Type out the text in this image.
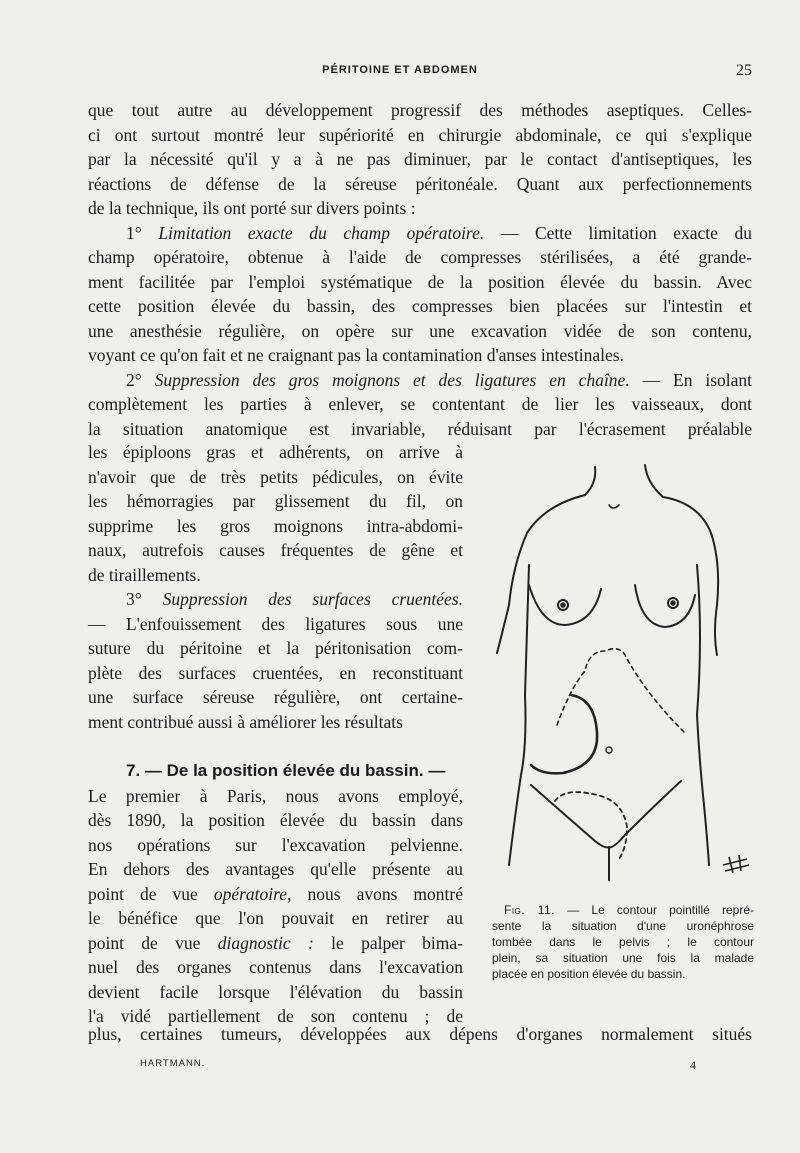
PÉRITOINE ET ABDOMEN	25

que tout autre au développement progressif des méthodes aseptiques. Celles-

ci ont surtout montré leur supériorité en chirurgie abdominale, ce qui s'explique

par la nécessité qu'il y a à ne pas diminuer, par le contact d'antiseptiques, les

réactions de défense de la séreuse péritonéale. Quant aux perfectionnements

de la technique, ils ont porté sur divers points :

1° Limitation exacte du champ opératoire. — Cette limitation exacte du

champ opératoire, obtenue à l'aide de compresses stérilisées, a été grande-

ment facilitée par l'emploi systématique de la position élevée du bassin. Avec

cette position élevée du bassin, des compresses bien placées sur l'intestin et

une anesthésie régulière, on opère sur une excavation vidée de son contenu,

voyant ce qu'on fait et ne craignant pas la contamination d'anses intestinales.

2° Suppression des gros moignons et des ligatures en chaîne. — En isolant

complètement les parties à enlever, se contentant de lier les vaisseaux, dont

la situation anatomique est invariable, réduisant par l'écrasement préalable

les épiploons gras et adhérents, on arrive à
n'avoir que de très petits pédicules, on évite
les hémorragies par glissement du fil, on
supprime les gros moignons intra-abdomi-
naux, autrefois causes fréquentes de gêne et
de tiraillements.
3° Suppression des surfaces cruentées.
— L'enfouissement des ligatures sous une
suture du péritoine et la péritonisation com-
plète des surfaces cruentées, en reconstituant
une surface séreuse régulière, ont certaine-
ment contribué aussi à améliorer les résultats
7. — De la position élevée du bassin. —
Le premier à Paris, nous avons employé,
dès 1890, la position élevée du bassin dans
nos opérations sur l'excavation pelvienne.
En dehors des avantages qu'elle présente au
point de vue opératoire, nous avons montré
le bénéfice que l'on pouvait en retirer au
point de vue diagnostic : le palper bima-
nuel des organes contenus dans l'excavation
devient facile lorsque l'élévation du bassin
l'a vidé partiellement de son contenu ; de

plus, certaines tumeurs, développées aux dépens d'organes normalement situés

Fig. 11. — Le contour pointillé repré-
sente la situation d'une uronéphrose
tombée dans le pelvis ; le contour
plein, sa situation une fois la malade
placée en position élevée du bassin.
HARTMANN.	4
